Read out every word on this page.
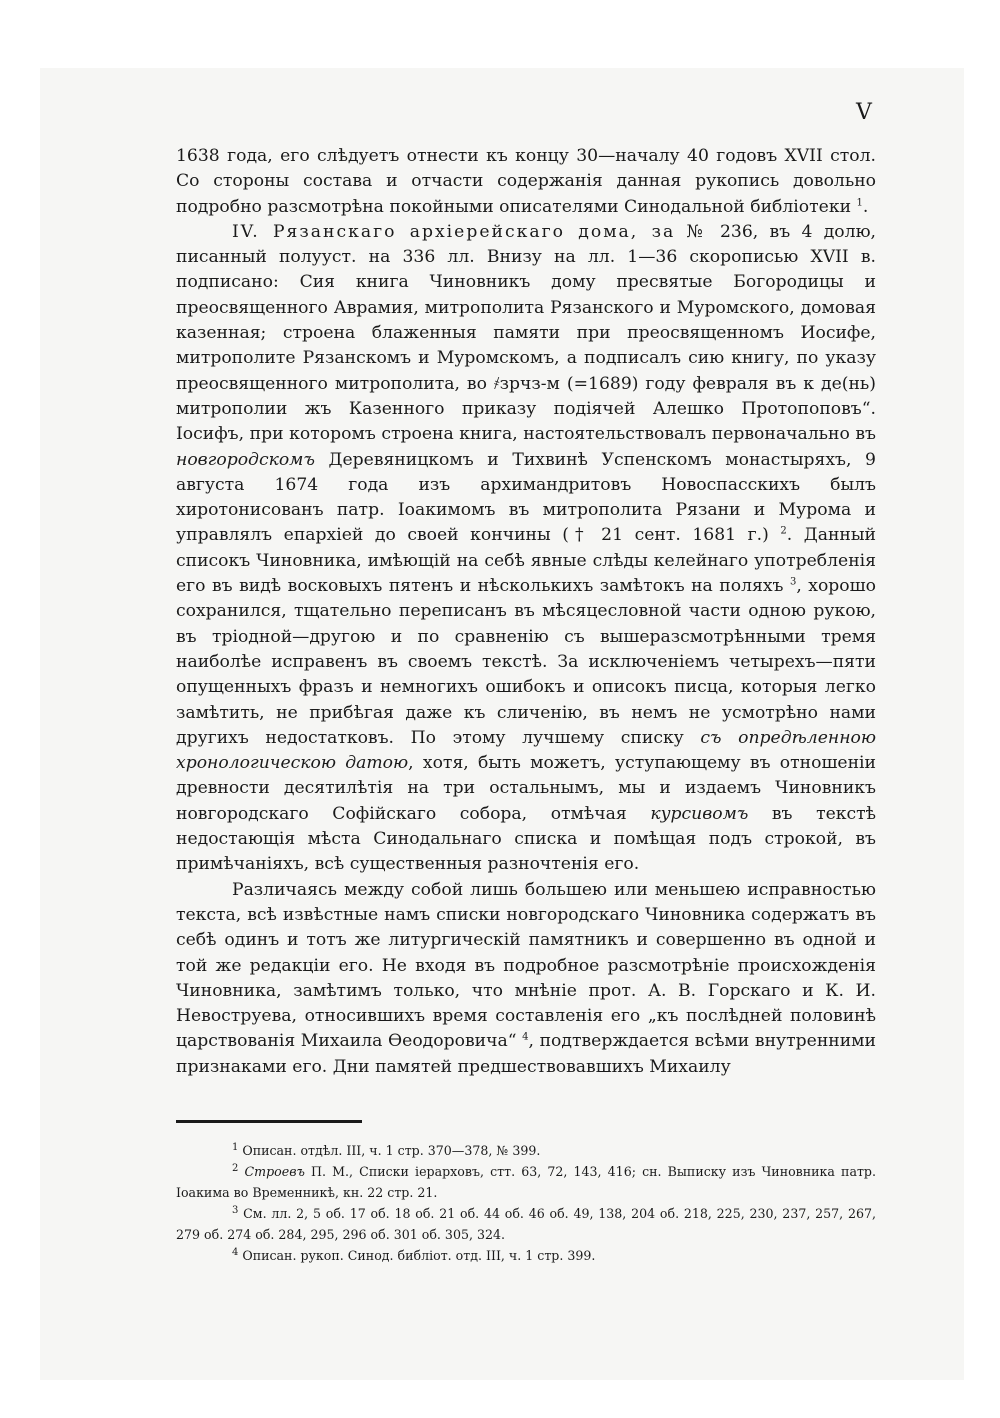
V

1638 года, его слѣдуетъ отнести къ концу 30—началу 40 годовъ XVII стол. Со стороны состава и отчасти содержанія данная рукопись довольно подробно разсмотрѣна покойными описателями Синодальной библіотеки $^1$.

IV. Рязанскаго архіерейскаго дома, за № 236, въ 4 долю, писанный полууст. на 336 лл. Внизу на лл. 1—36 скорописью XVII в. подписано: Сия книга Чиновникъ дому пресвятые Богородицы и преосвященного Аврамия, митрополита Рязанского и Муромского, домовая казенная; строена блаженныя памяти при преосвященномъ Иосифе, митрополите Рязанскомъ и Муромскомъ, а подписалъ сию книгу, по указу преосвященного митрополита, во ҂зрчз-м (=1689) году февраля въ к де(нь) митрополии жъ Казенного приказу подіячей Алешко Протопоповъ“. Іосифъ, при которомъ строена книга, настоятельствовалъ первоначально въ новгородскомъ Деревяницкомъ и Тихвинѣ Успенскомъ монастыряхъ, 9 августа 1674 года изъ архимандритовъ Новоспасскихъ былъ хиротонисованъ патр. Іоакимомъ въ митрополита Рязани и Мурома и управлялъ епархіей до своей кончины († 21 сент. 1681 г.) $^2$. Данный списокъ Чиновника, имѣющій на себѣ явные слѣды келейнаго употребленія его въ видѣ восковыхъ пятенъ и нѣсколькихъ замѣтокъ на поляхъ $^3$, хорошо сохранился, тщательно переписанъ въ мѣсяцесловной части одною рукою, въ тріодной—другою и по сравненію съ вышеразсмотрѣнными тремя наиболѣе исправенъ въ своемъ текстѣ. За исключеніемъ четырехъ—пяти опущенныхъ фразъ и немногихъ ошибокъ и описокъ писца, которыя легко замѣтить, не прибѣгая даже къ сличенію, въ немъ не усмотрѣно нами другихъ недостатковъ. По этому лучшему списку съ опредѣленною хронологическою датою, хотя, быть можетъ, уступающему въ отношеніи древности десятилѣтія на три остальнымъ, мы и издаемъ Чиновникъ новгородскаго Софійскаго собора, отмѣчая курсивомъ въ текстѣ недостающія мѣста Синодальнаго списка и помѣщая подъ строкой, въ примѣчаніяхъ, всѣ существенныя разночтенія его.

Различаясь между собой лишь большею или меньшею исправностью текста, всѣ извѣстные намъ списки новгородскаго Чиновника содержатъ въ себѣ одинъ и тотъ же литургическій памятникъ и совершенно въ одной и той же редакціи его. Не входя въ подробное разсмотрѣніе происхожденія Чиновника, замѣтимъ только, что мнѣніе прот. А. В. Горскаго и К. И. Невоструева, относившихъ время составленія его „къ послѣдней половинѣ царствованія Михаила Ѳеодоровича“ $^4$, подтверждается всѣми внутренними признаками его. Дни памятей предшествовавшихъ Михаилу

$^1$ Описан. отдѣл. III, ч. 1 стр. 370—378, № 399.

$^2$ Строевъ П. М., Списки іерарховъ, стт. 63, 72, 143, 416; сн. Выписку изъ Чиновника патр. Іоакима во Временникѣ, кн. 22 стр. 21.

$^3$ См. лл. 2, 5 об. 17 об. 18 об. 21 об. 44 об. 46 об. 49, 138, 204 об. 218, 225, 230, 237, 257, 267, 279 об. 274 об. 284, 295, 296 об. 301 об. 305, 324.

$^4$ Описан. рукоп. Синод. библіот. отд. III, ч. 1 стр. 399.
